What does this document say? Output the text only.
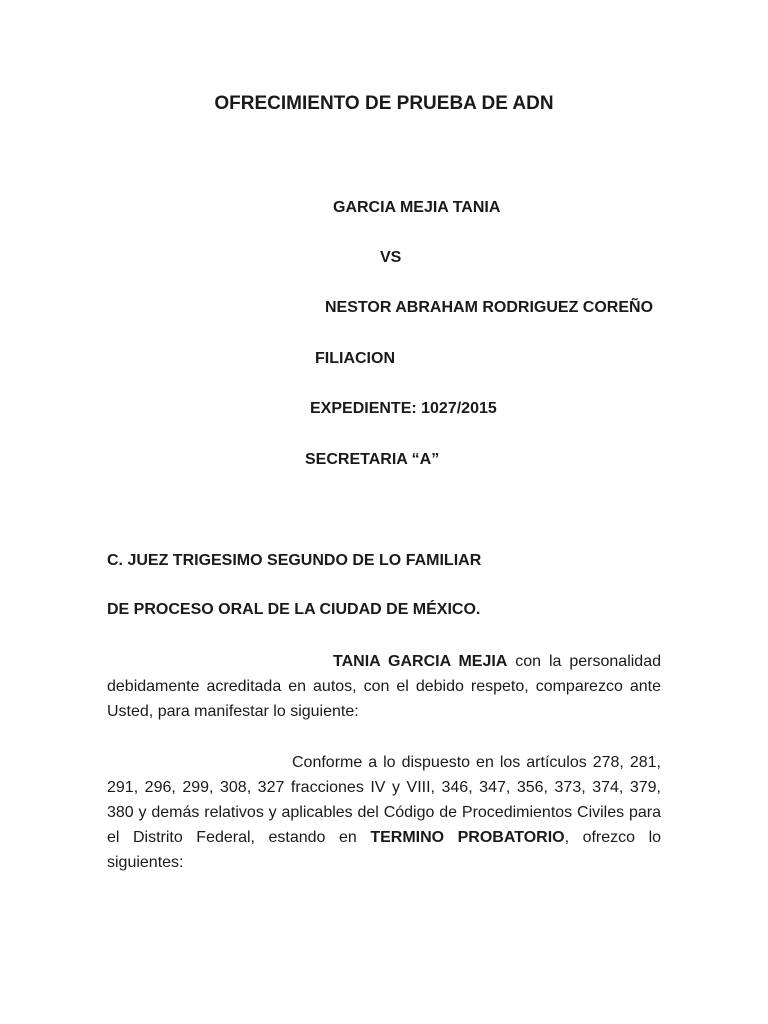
OFRECIMIENTO DE PRUEBA DE ADN
GARCIA MEJIA TANIA
VS
NESTOR ABRAHAM RODRIGUEZ COREÑO
FILIACION
EXPEDIENTE: 1027/2015
SECRETARIA “A”
C. JUEZ TRIGESIMO SEGUNDO DE LO FAMILIAR
DE PROCESO ORAL DE LA CIUDAD DE MÉXICO.

TANIA GARCIA MEJIA con la personalidad debidamente acreditada en autos, con el debido respeto, comparezco ante Usted, para manifestar lo siguiente:

Conforme a lo dispuesto en los artículos 278, 281, 291, 296, 299, 308, 327 fracciones IV y VIII, 346, 347, 356, 373, 374, 379, 380 y demás relativos y aplicables del Código de Procedimientos Civiles para el Distrito Federal, estando en TERMINO PROBATORIO, ofrezco lo siguientes:
